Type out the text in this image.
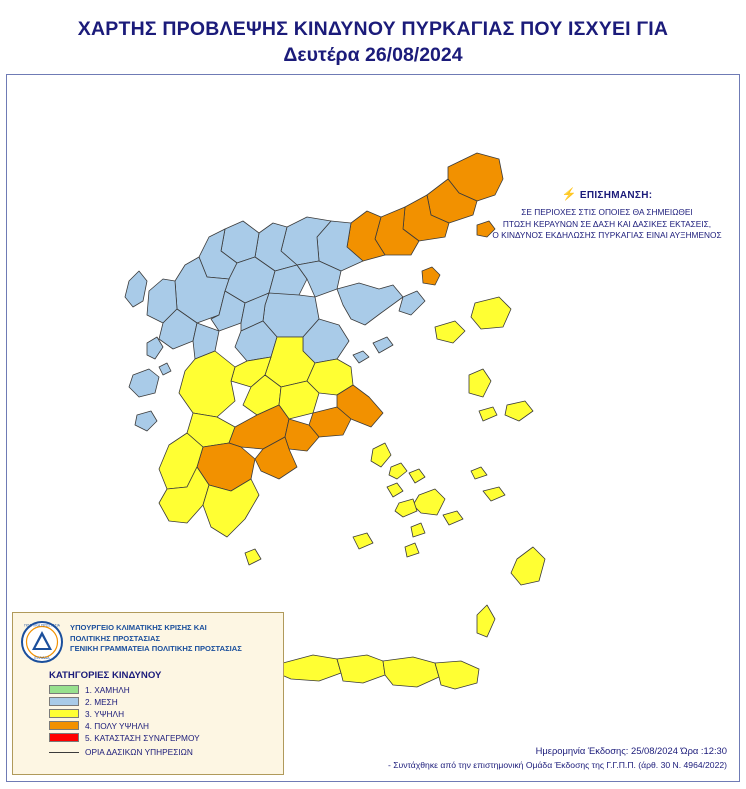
ΧΑΡΤΗΣ ΠΡΟΒΛΕΨΗΣ ΚΙΝΔΥΝΟΥ ΠΥΡΚΑΓΙΑΣ ΠΟΥ ΙΣΧΥΕΙ ΓΙΑ
Δευτέρα 26/08/2024
⚡ ΕΠΙΣΗΜΑΝΣΗ:
ΣΕ ΠΕΡΙΟΧΕΣ ΣΤΙΣ ΟΠΟΙΕΣ ΘΑ ΣΗΜΕΙΩΘΕΙ
ΠΤΩΣΗ ΚΕΡΑΥΝΩΝ ΣΕ ΔΑΣΗ ΚΑΙ ΔΑΣΙΚΕΣ ΕΚΤΑΣΕΙΣ,
Ο ΚΙΝΔΥΝΟΣ ΕΚΔΗΛΩΣΗΣ ΠΥΡΚΑΓΙΑΣ ΕΙΝΑΙ ΑΥΞΗΜΕΝΟΣ
ΠΟΛΙΤΙΚΗ ΠΡΟΣΤΑΣΙΑ
ΕΛΛΑΔΑ
ΥΠΟΥΡΓΕΙΟ ΚΛΙΜΑΤΙΚΗΣ ΚΡΙΣΗΣ ΚΑΙ
ΠΟΛΙΤΙΚΗΣ ΠΡΟΣΤΑΣΙΑΣ
ΓΕΝΙΚΗ ΓΡΑΜΜΑΤΕΙΑ ΠΟΛΙΤΙΚΗΣ ΠΡΟΣΤΑΣΙΑΣ
ΚΑΤΗΓΟΡΙΕΣ ΚΙΝΔΥΝΟΥ
1. ΧΑΜΗΛΗ
2. ΜΕΣΗ
3. ΥΨΗΛΗ
4. ΠΟΛΥ ΥΨΗΛΗ
5. ΚΑΤΑΣΤΑΣΗ ΣΥΝΑΓΕΡΜΟΥ
ΟΡΙΑ ΔΑΣΙΚΩΝ ΥΠΗΡΕΣΙΩΝ	Ημερομηνία Έκδοσης: 25/08/2024 Ώρα :12:30
- Συντάχθηκε από την επιστημονική Ομάδα Έκδοσης της Γ.Γ.Π.Π. (άρθ. 30 Ν. 4964/2022)
